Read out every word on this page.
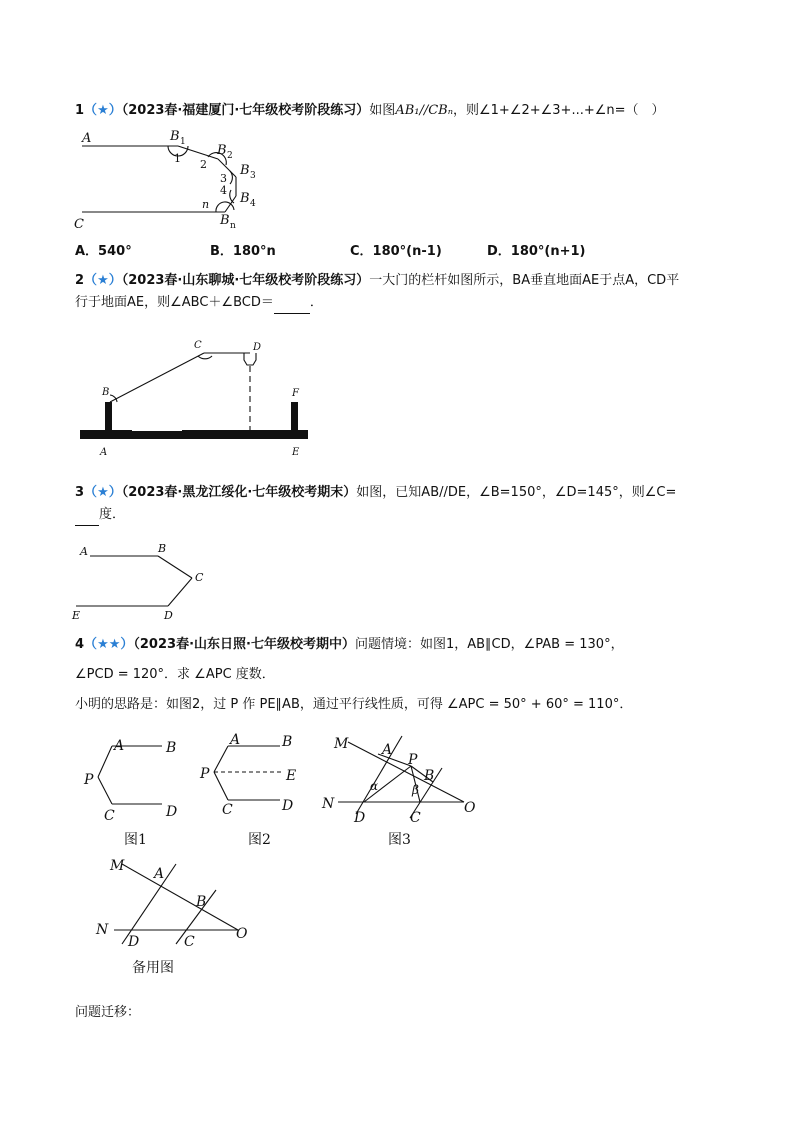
1（★）（2023春·福建厦门·七年级校考阶段练习）如图AB₁//CBₙ，则∠1+∠2+∠3+...+∠n=（　）
A
C
B 1
B 2
B 3
B 4
B n
1 2
3
4
n
A．540°	B．180°n	C．180°(n-1)	D．180°(n+1)
2（★）（2023春·山东聊城·七年级校考阶段练习）一大门的栏杆如图所示，BA垂直地面AE于点A，CD平
行于地面AE，则∠ABC＋∠BCD＝	．
B
C	D
F
A	E
3（★）（2023春·黑龙江绥化·七年级校考期末）如图，已知AB//DE，∠B=150°，∠D=145°，则∠C=
度．
A	B
C
D
E
4（★★）（2023春·山东日照·七年级校考期中）问题情境：如图1，AB∥CD，∠PAB = 130°，
∠PCD = 120°．求 ∠APC 度数．
小明的思路是：如图2，过 P 作 PE∥AB，通过平行线性质，可得 ∠APC = 50° + 60° = 110°．
A	B
P
C	D
图1
A	B
P	E
C	D
图2
M A
P
B
N
D	C
O
α	β
图3
M A
B
N
D	C	O
备用图
问题迁移：
